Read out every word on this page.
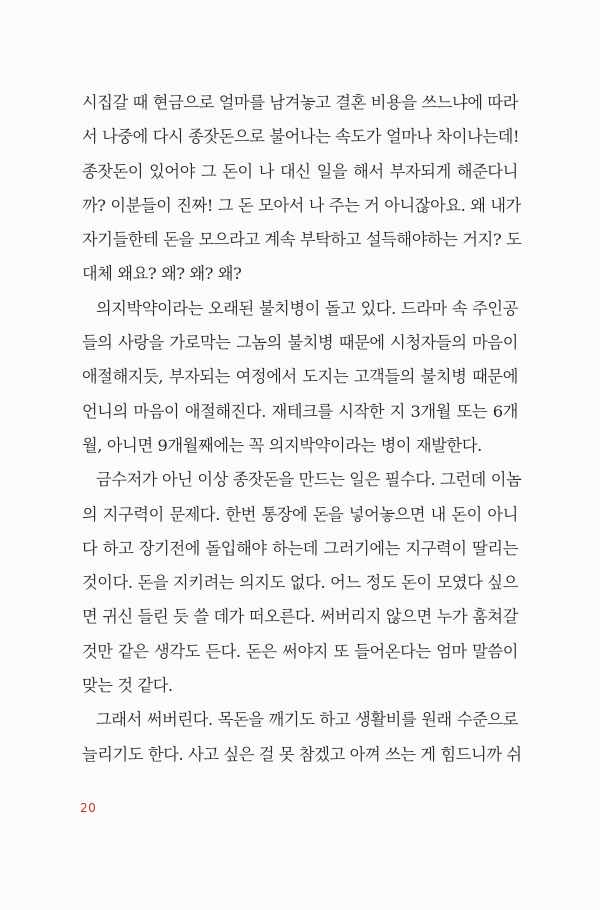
시집갈 때 현금으로 얼마를 남겨놓고 결혼 비용을 쓰느냐에 따라
서 나중에 다시 종잣돈으로 불어나는 속도가 얼마나 차이나는데!
종잣돈이 있어야 그 돈이 나 대신 일을 해서 부자되게 해준다니
까? 이분들이 진짜! 그 돈 모아서 나 주는 거 아니잖아요. 왜 내가
자기들한테 돈을 모으라고 계속 부탁하고 설득해야하는 거지? 도
대체 왜요? 왜? 왜? 왜?
의지박약이라는 오래된 불치병이 돌고 있다. 드라마 속 주인공
들의 사랑을 가로막는 그놈의 불치병 때문에 시청자들의 마음이
애절해지듯, 부자되는 여정에서 도지는 고객들의 불치병 때문에
언니의 마음이 애절해진다. 재테크를 시작한 지 3개월 또는 6개
월, 아니면 9개월째에는 꼭 의지박약이라는 병이 재발한다.
금수저가 아닌 이상 종잣돈을 만드는 일은 필수다. 그런데 이놈
의 지구력이 문제다. 한번 통장에 돈을 넣어놓으면 내 돈이 아니
다 하고 장기전에 돌입해야 하는데 그러기에는 지구력이 딸리는
것이다. 돈을 지키려는 의지도 없다. 어느 정도 돈이 모였다 싶으
면 귀신 들린 듯 쓸 데가 떠오른다. 써버리지 않으면 누가 훔쳐갈
것만 같은 생각도 든다. 돈은 써야지 또 들어온다는 엄마 말씀이
맞는 것 같다.
그래서 써버린다. 목돈을 깨기도 하고 생활비를 원래 수준으로
늘리기도 한다. 사고 싶은 걸 못 참겠고 아껴 쓰는 게 힘드니까 쉬
20
